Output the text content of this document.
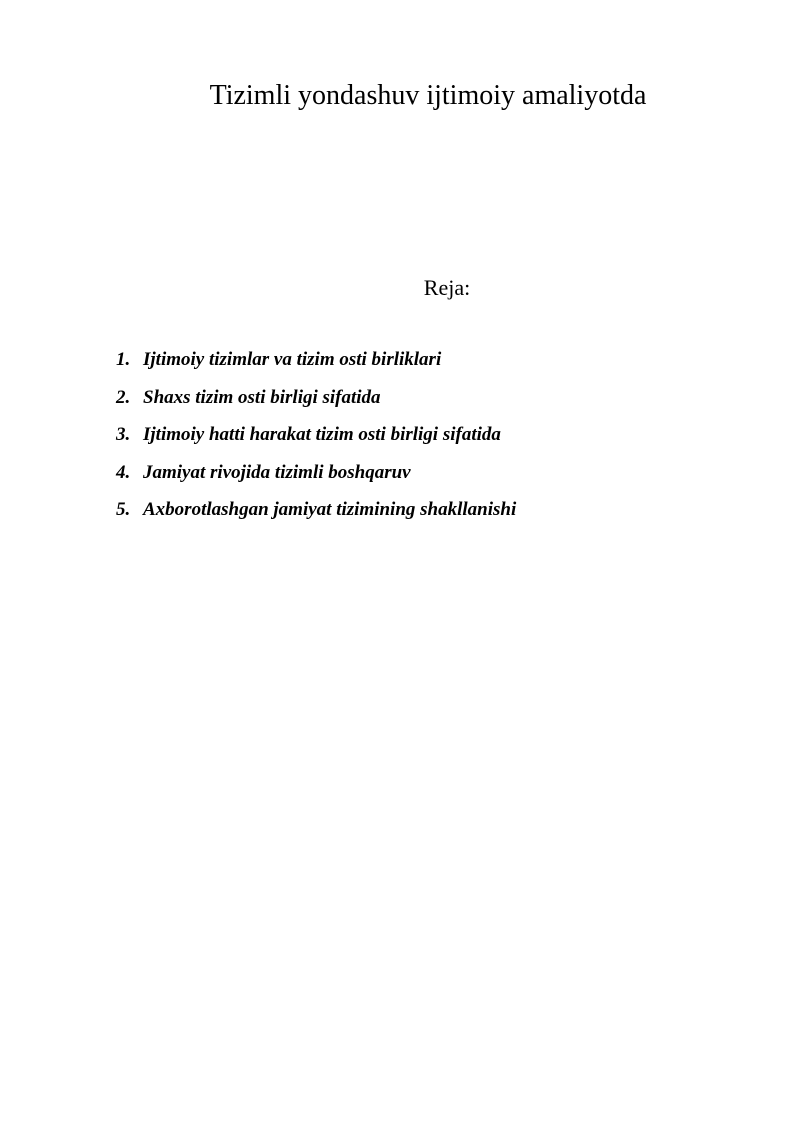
Tizimli yondashuv ijtimoiy amaliyotda
Reja:
1. Ijtimoiy tizimlar va tizim osti birliklari
2. Shaxs tizim osti birligi sifatida
3. Ijtimoiy hatti harakat tizim osti birligi sifatida
4. Jamiyat rivojida tizimli boshqaruv
5. Axborotlashgan jamiyat tizimining shakllanishi
